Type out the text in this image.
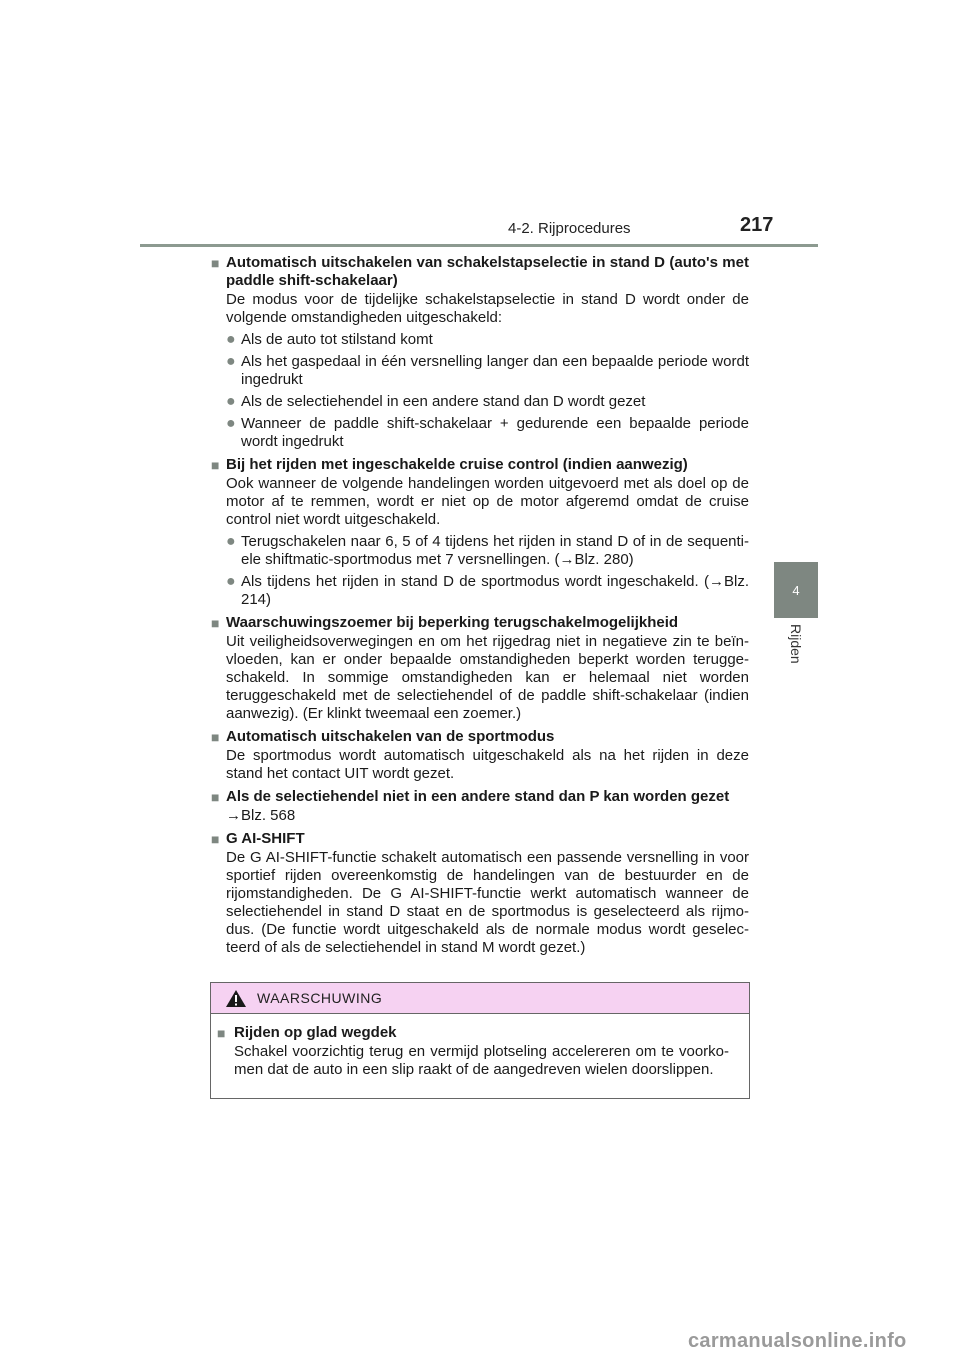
4-2. Rijprocedures	217
4
Rijden
■ Automatisch uitschakelen van schakelstapselectie in stand D (auto's met paddle shift-schakelaar)

De modus voor de tijdelijke schakelstapselectie in stand D wordt onder de volgende omstandigheden uitgeschakeld:

● Als de auto tot stilstand komt
● Als het gaspedaal in één versnelling langer dan een bepaalde periode wordt ingedrukt
● Als de selectiehendel in een andere stand dan D wordt gezet
● Wanneer de paddle shift-schakelaar + gedurende een bepaalde periode wordt ingedrukt
■ Bij het rijden met ingeschakelde cruise control (indien aanwezig)

Ook wanneer de volgende handelingen worden uitgevoerd met als doel op de motor af te remmen, wordt er niet op de motor afgeremd omdat de cruise control niet wordt uitgeschakeld.

● Terugschakelen naar 6, 5 of 4 tijdens het rijden in stand D of in de sequenti-ele shiftmatic-sportmodus met 7 versnellingen. (→Blz. 280)
● Als tijdens het rijden in stand D de sportmodus wordt ingeschakeld. (→Blz. 214)
■ Waarschuwingszoemer bij beperking terugschakelmogelijkheid

Uit veiligheidsoverwegingen en om het rijgedrag niet in negatieve zin te beïn-vloeden, kan er onder bepaalde omstandigheden beperkt worden terugge-schakeld. In sommige omstandigheden kan er helemaal niet worden teruggeschakeld met de selectiehendel of de paddle shift-schakelaar (indien aanwezig). (Er klinkt tweemaal een zoemer.)

■ Automatisch uitschakelen van de sportmodus

De sportmodus wordt automatisch uitgeschakeld als na het rijden in deze stand het contact UIT wordt gezet.

■ Als de selectiehendel niet in een andere stand dan P kan worden gezet

→Blz. 568

■ G AI-SHIFT

De G AI-SHIFT-functie schakelt automatisch een passende versnelling in voor sportief rijden overeenkomstig de handelingen van de bestuurder en de rijomstandigheden. De G AI-SHIFT-functie werkt automatisch wanneer de selectiehendel in stand D staat en de sportmodus is geselecteerd als rijmo-dus. (De functie wordt uitgeschakeld als de normale modus wordt geselec-teerd of als de selectiehendel in stand M wordt gezet.)

WAARSCHUWING
■ Rijden op glad wegdek

Schakel voorzichtig terug en vermijd plotseling accelereren om te voorko-men dat de auto in een slip raakt of de aangedreven wielen doorslippen.

carmanualsonline.info
